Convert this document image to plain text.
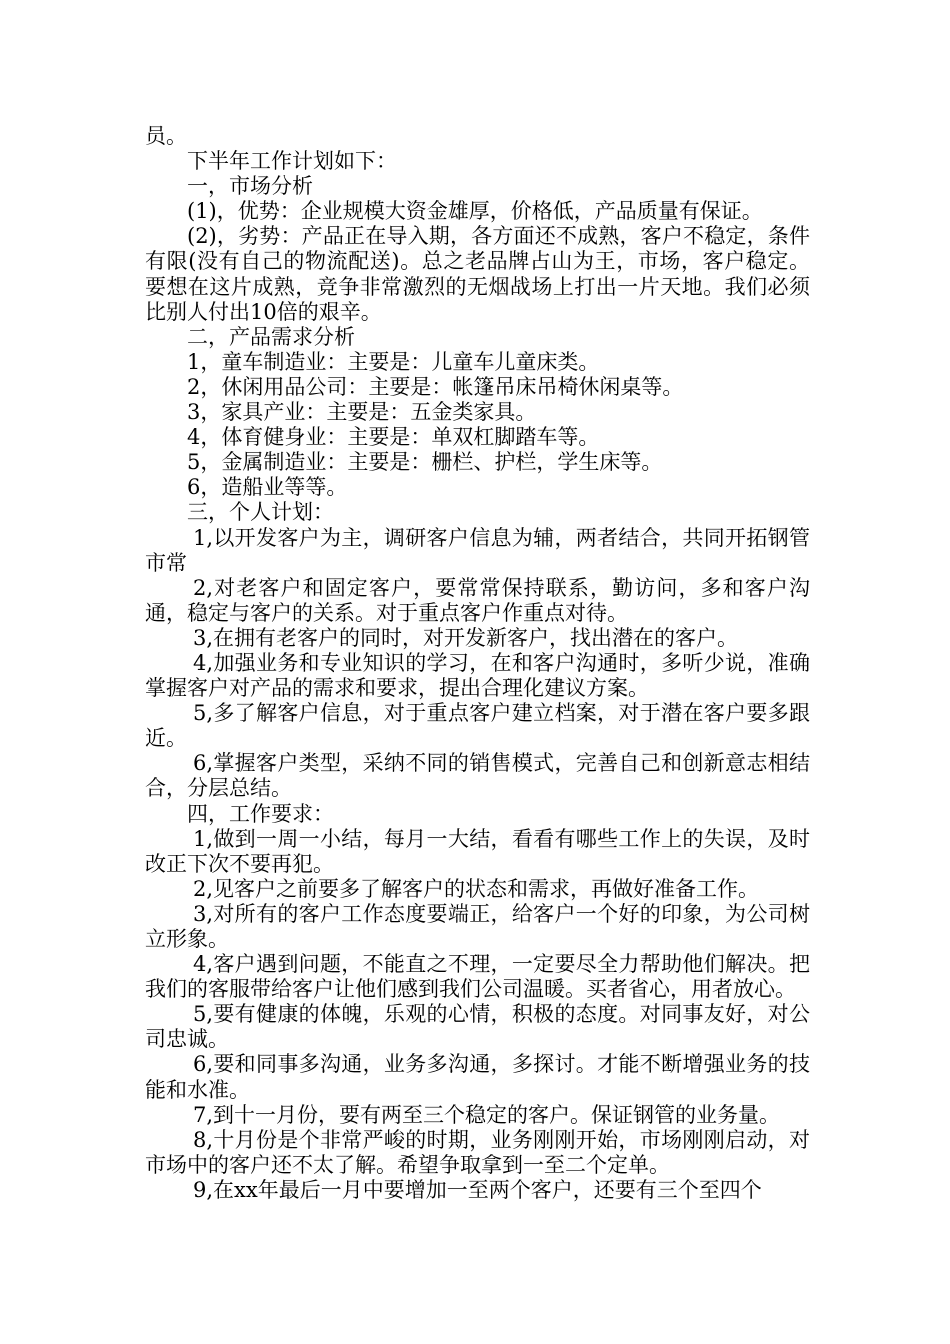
员。

下半年工作计划如下：

一，市场分析

(1)，优势：企业规模大资金雄厚，价格低，产品质量有保证。

(2)，劣势：产品正在导入期，各方面还不成熟，客户不稳定，条件有限(没有自己的物流配送)。总之老品牌占山为王，市场，客户稳定。要想在这片成熟，竞争非常激烈的无烟战场上打出一片天地。我们必须比别人付出10倍的艰辛。

二，产品需求分析

1，童车制造业：主要是：儿童车儿童床类。

2，休闲用品公司：主要是：帐篷吊床吊椅休闲桌等。

3，家具产业：主要是：五金类家具。

4，体育健身业：主要是：单双杠脚踏车等。

5，金属制造业：主要是：栅栏、护栏，学生床等。

6，造船业等等。

三，个人计划：

1,以开发客户为主，调研客户信息为辅，两者结合，共同开拓钢管市常

2,对老客户和固定客户，要常常保持联系，勤访问，多和客户沟通，稳定与客户的关系。对于重点客户作重点对待。

3,在拥有老客户的同时，对开发新客户，找出潜在的客户。

4,加强业务和专业知识的学习，在和客户沟通时，多听少说，准确掌握客户对产品的需求和要求，提出合理化建议方案。

5,多了解客户信息，对于重点客户建立档案，对于潜在客户要多跟近。

6,掌握客户类型，采纳不同的销售模式，完善自己和创新意志相结合，分层总结。

四，工作要求：

1,做到一周一小结，每月一大结，看看有哪些工作上的失误，及时改正下次不要再犯。

2,见客户之前要多了解客户的状态和需求，再做好准备工作。

3,对所有的客户工作态度要端正，给客户一个好的印象，为公司树立形象。

4,客户遇到问题，不能直之不理，一定要尽全力帮助他们解决。把我们的客服带给客户让他们感到我们公司温暖。买者省心，用者放心。

5,要有健康的体魄，乐观的心情，积极的态度。对同事友好，对公司忠诚。

6,要和同事多沟通，业务多沟通，多探讨。才能不断增强业务的技能和水准。

7,到十一月份，要有两至三个稳定的客户。保证钢管的业务量。

8,十月份是个非常严峻的时期，业务刚刚开始，市场刚刚启动，对市场中的客户还不太了解。希望争取拿到一至二个定单。

9,在xx年最后一月中要增加一至两个客户，还要有三个至四个
